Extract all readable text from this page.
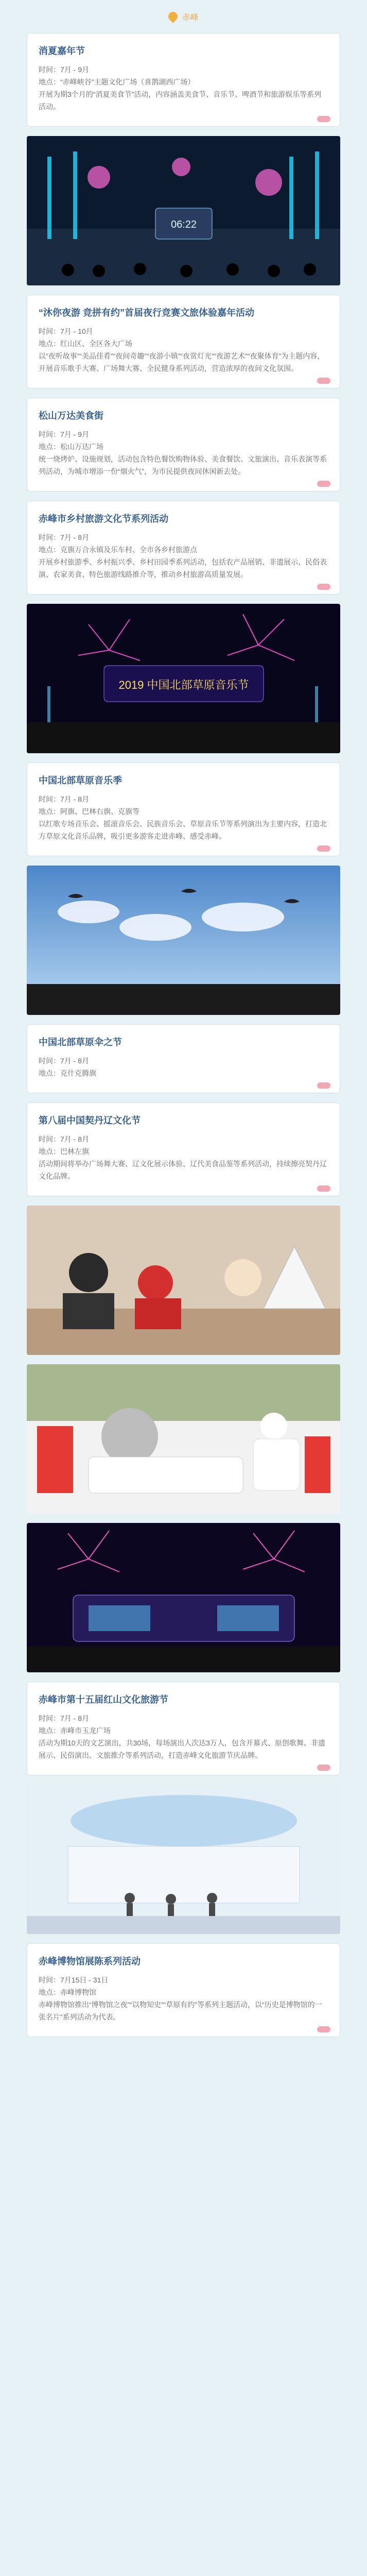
赤峰

消夏嘉年节

时间：7月 - 9月

地点：“赤峰峡谷”主题文化广场（喜鹊湖西广场）

开展为期3个月的“消夏美食节”活动，内容涵盖美食节、音乐节、啤酒节和旅游娱乐等系列活动。

06:22

“沐你夜游 竞拼有约”首届夜行竞赛文旅体验嘉年活动

时间：7月 - 10月

地点：红山区、全区各大广场

以“夜听故事”“美品佳肴”“夜间奇趣”“夜游小镇”“夜赏灯光”“夜游艺术”“夜聚体育”为主题内容，开展音乐歌手大赛、广场舞大赛、全民健身系列活动，营造浓厚的夜间文化氛围。

松山万达美食街

时间：7月 - 9月

地点：松山万达广场

统一烧烤炉、设施规划，活动包含特色餐饮购物体验、美食餐饮、文旅演出、音乐表演等系列活动，为城市增添一份“烟火气”，为市民提供夜间休闲新去处。

赤峰市乡村旅游文化节系列活动

时间：7月 - 8月

地点：克旗万合永镇及乐车村、全市各乡村旅游点

开展乡村旅游季、乡村振兴季、乡村田园季系列活动，包括农产品展销、非遗展示、民俗表演、农家美食、特色旅游线路推介等，推动乡村旅游高质量发展。

2019 中国北部草原音乐节

中国北部草原音乐季

时间：7月 - 8月

地点：阿旗、巴林右旗、克旗等

以红歌专场音乐会、摇滚音乐会、民族音乐会、草原音乐节等系列演出为主要内容，打造北方草原文化音乐品牌，吸引更多游客走进赤峰、感受赤峰。

中国北部草原伞之节

时间：7月 - 8月

地点：克什克腾旗

第八届中国契丹辽文化节

时间：7月 - 8月

地点：巴林左旗

活动期间将举办广场舞大赛、辽文化展示体验、辽代美食品鉴等系列活动，持续擦亮契丹辽文化品牌。

赤峰市第十五届红山文化旅游节

时间：7月 - 8月

地点：赤峰市玉龙广场

活动为期10天的文艺演出，共30场，每场演出人次达3万人，包含开幕式、原创歌舞、非遗展示、民俗演出、文旅推介等系列活动，打造赤峰文化旅游节庆品牌。

赤峰博物馆展陈系列活动

时间：7月15日 - 31日

地点：赤峰博物馆

赤峰博物馆推出“博物馆之夜”“以物知史”“草原有约”等系列主题活动，以“历史是博物馆的一张名片”系列活动为代表。
